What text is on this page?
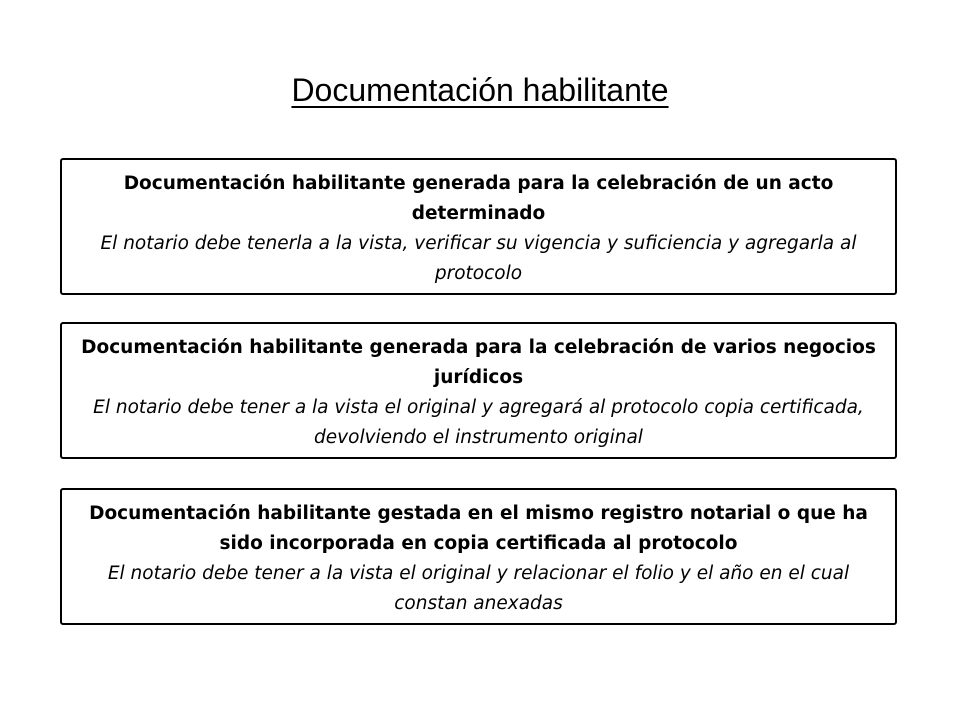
Documentación habilitante
Documentación habilitante generada para la celebración de un acto determinado
El notario debe tenerla a la vista, verificar su vigencia y suficiencia y agregarla al protocolo
Documentación habilitante generada para la celebración de varios negocios jurídicos
El notario debe tener a la vista el original y agregará al protocolo copia certificada, devolviendo el instrumento original
Documentación habilitante gestada en el mismo registro notarial o que ha sido incorporada en copia certificada al protocolo
El notario debe tener a la vista el original y relacionar el folio y el año en el cual constan anexadas
